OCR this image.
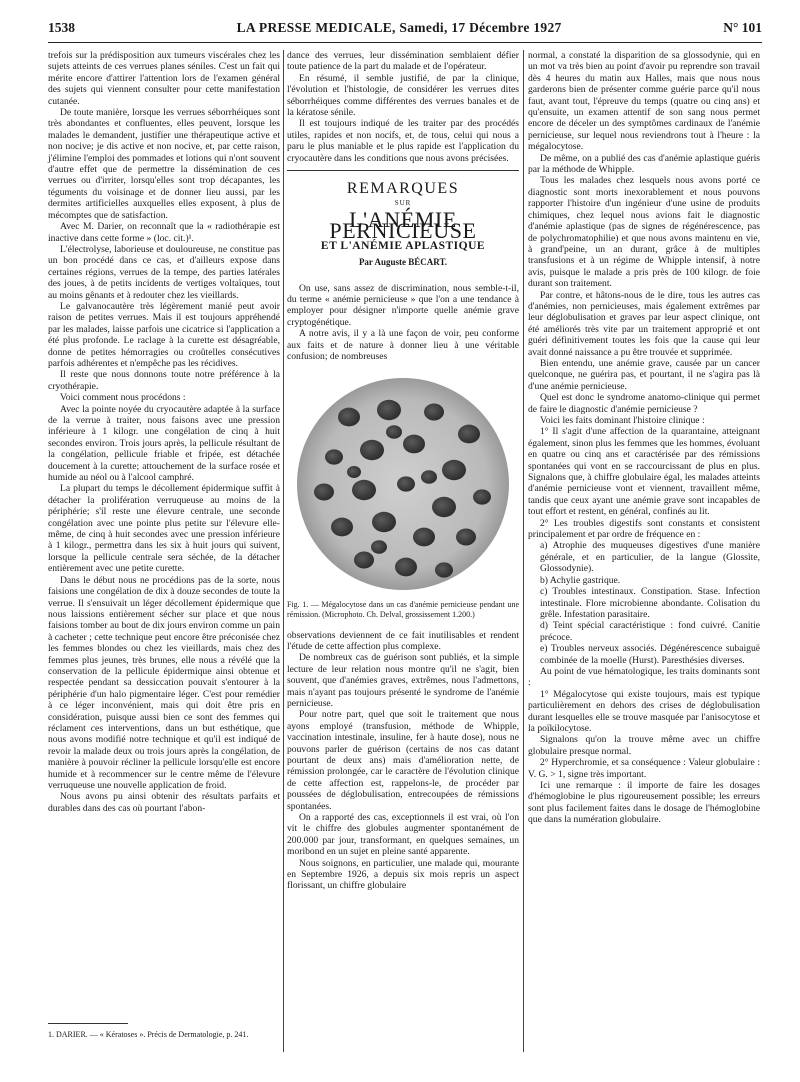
1538	LA PRESSE MEDICALE, Samedi, 17 Décembre 1927	N° 101

trefois sur la prédisposition aux tumeurs viscérales chez les sujets atteints de ces verrues planes séniles. C'est un fait qui mérite encore d'attirer l'attention lors de l'examen général des sujets qui viennent consulter pour cette manifestation cutanée.

De toute manière, lorsque les verrues séborrhéiques sont très abondantes et confluentes, elles peuvent, lorsque les malades le demandent, justifier une thérapeutique active et non nocive; je dis active et non nocive, et, par cette raison, j'élimine l'emploi des pommades et lotions qui n'ont souvent d'autre effet que de permettre la dissémination de ces verrues ou d'irriter, lorsqu'elles sont trop décapantes, les téguments du voisinage et de donner lieu aussi, par les dermites artificielles auxquelles elles exposent, à plus de mécomptes que de satisfaction.

Avec M. Darier, on reconnaît que la « radiothérapie est inactive dans cette forme » (loc. cit.)¹.

L'électrolyse, laborieuse et douloureuse, ne constitue pas un bon procédé dans ce cas, et d'ailleurs expose dans certaines régions, verrues de la tempe, des parties latérales des joues, à de petits incidents de vertiges voltaïques, tout au moins gênants et à redouter chez les vieillards.

Le galvanocautère très légèrement manié peut avoir raison de petites verrues. Mais il est toujours appréhendé par les malades, laisse parfois une cicatrice si l'application a été plus profonde. Le raclage à la curette est désagréable, donne de petites hémorragies ou croûtelles consécutives parfois adhérentes et n'empêche pas les récidives.

Il reste que nous donnons toute notre préférence à la cryothérapie.

Voici comment nous procédons :

Avec la pointe noyée du cryocautère adaptée à la surface de la verrue à traiter, nous faisons avec une pression inférieure à 1 kilogr. une congélation de cinq à huit secondes environ. Trois jours après, la pellicule résultant de la congélation, pellicule friable et fripée, est détachée doucement à la curette; attouchement de la surface rosée et humide au néol ou à l'alcool camphré.

La plupart du temps le décollement épidermique suffit à détacher la prolifération verruqueuse au moins de la périphérie; s'il reste une élevure centrale, une seconde congélation avec une pointe plus petite sur l'élevure elle-même, de cinq à huit secondes avec une pression inférieure à 1 kilogr., permettra dans les six à huit jours qui suivent, lorsque la pellicule centrale sera séchée, de la détacher entièrement avec une petite curette.

Dans le début nous ne procédions pas de la sorte, nous faisions une congélation de dix à douze secondes de toute la verrue. Il s'ensuivait un léger décollement épidermique que nous laissions entièrement sécher sur place et que nous faisions tomber au bout de dix jours environ comme un pain à cacheter ; cette technique peut encore être préconisée chez les femmes blondes ou chez les vieillards, mais chez des femmes plus jeunes, très brunes, elle nous a révélé que la conservation de la pellicule épidermique ainsi obtenue et respectée pendant sa dessiccation pouvait s'entourer à la périphérie d'un halo pigmentaire léger. C'est pour remédier à ce léger inconvénient, mais qui doit être pris en considération, puisque aussi bien ce sont des femmes qui réclament ces interventions, dans un but esthétique, que nous avons modifié notre technique et qu'il est indiqué de revoir la malade deux ou trois jours après la congélation, de manière à pouvoir récliner la pellicule lorsqu'elle est encore humide et à recommencer sur le centre même de l'élevure verruqueuse une nouvelle application de froid.

Nous avons pu ainsi obtenir des résultats parfaits et durables dans des cas où pourtant l'abon-

dance des verrues, leur dissémination semblaient défier toute patience de la part du malade et de l'opérateur.

En résumé, il semble justifié, de par la clinique, l'évolution et l'histologie, de considérer les verrues dites séborrhéiques comme différentes des verrues banales et de la kératose sénile.

Il est toujours indiqué de les traiter par des procédés utiles, rapides et non nocifs, et, de tous, celui qui nous a paru le plus maniable et le plus rapide est l'application du cryocautère dans les conditions que nous avons précisées.

REMARQUES
SUR
L'ANÉMIE PERNICIEUSE
ET L'ANÉMIE APLASTIQUE
Par Auguste BÉCART.

On use, sans assez de discrimination, nous semble-t-il, du terme « anémie pernicieuse » que l'on a une tendance à employer pour désigner n'importe quelle anémie grave cryptogénétique.

A notre avis, il y a là une façon de voir, peu conforme aux faits et de nature à donner lieu à une véritable confusion; de nombreuses

Fig. 1. — Mégalocytose dans un cas d'anémie pernicieuse pendant une rémission. (Microphoto. Ch. Delval, grossissement 1.200.)

observations deviennent de ce fait inutilisables et rendent l'étude de cette affection plus complexe.

De nombreux cas de guérison sont publiés, et la simple lecture de leur relation nous montre qu'il ne s'agit, bien souvent, que d'anémies graves, extrêmes, nous l'admettons, mais n'ayant pas toujours présenté le syndrome de l'anémie pernicieuse.

Pour notre part, quel que soit le traitement que nous ayons employé (transfusion, méthode de Whipple, vaccination intestinale, insuline, fer à haute dose), nous ne pouvons parler de guérison (certains de nos cas datant pourtant de deux ans) mais d'amélioration nette, de rémission prolongée, car le caractère de l'évolution clinique de cette affection est, rappelons-le, de procéder par poussées de déglobulisation, entrecoupées de rémissions spontanées.

On a rapporté des cas, exceptionnels il est vrai, où l'on vit le chiffre des globules augmenter spontanément de 200.000 par jour, transformant, en quelques semaines, un moribond en un sujet en pleine santé apparente.

Nous soignons, en particulier, une malade qui, mourante en Septembre 1926, a depuis six mois repris un aspect florissant, un chiffre globulaire

normal, a constaté la disparition de sa glossodynie, qui en un mot va très bien au point d'avoir pu reprendre son travail dès 4 heures du matin aux Halles, mais que nous nous garderons bien de présenter comme guérie parce qu'il nous faut, avant tout, l'épreuve du temps (quatre ou cinq ans) et qu'ensuite, un examen attentif de son sang nous permet encore de déceler un des symptômes cardinaux de l'anémie pernicieuse, sur lequel nous reviendrons tout à l'heure : la mégalocytose.

De même, on a publié des cas d'anémie aplastique guéris par la méthode de Whipple.

Tous les malades chez lesquels nous avons porté ce diagnostic sont morts inexorablement et nous pouvons rapporter l'histoire d'un ingénieur d'une usine de produits chimiques, chez lequel nous avions fait le diagnostic d'anémie aplastique (pas de signes de régénérescence, pas de polychromatophilie) et que nous avons maintenu en vie, à grand'peine, un an durant, grâce à de multiples transfusions et à un régime de Whipple intensif, à notre avis, puisque le malade a pris près de 100 kilogr. de foie durant son traitement.

Par contre, et hâtons-nous de le dire, tous les autres cas d'anémies, non pernicieuses, mais également extrêmes par leur déglobulisation et graves par leur aspect clinique, ont été améliorés très vite par un traitement approprié et ont guéri définitivement toutes les fois que la cause qui leur avait donné naissance a pu être trouvée et supprimée.

Bien entendu, une anémie grave, causée par un cancer quelconque, ne guérira pas, et pourtant, il ne s'agira pas là d'une anémie pernicieuse.

Quel est donc le syndrome anatomo-clinique qui permet de faire le diagnostic d'anémie pernicieuse ?

Voici les faits dominant l'histoire clinique :

1° Il s'agit d'une affection de la quarantaine, atteignant également, sinon plus les femmes que les hommes, évoluant en quatre ou cinq ans et caractérisée par des rémissions spontanées qui vont en se raccourcissant de plus en plus. Signalons que, à chiffre globulaire égal, les malades atteints d'anémie pernicieuse vont et viennent, travaillent même, tandis que ceux ayant une anémie grave sont incapables de tout effort et restent, en général, confinés au lit.

2° Les troubles digestifs sont constants et consistent principalement et par ordre de fréquence en :

a) Atrophie des muqueuses digestives d'une manière générale, et en particulier, de la langue (Glossite, Glossodynie).

b) Achylie gastrique.

c) Troubles intestinaux. Constipation. Stase. Infection intestinale. Flore microbienne abondante. Colisation du grêle. Infestation parasitaire.

d) Teint spécial caractéristique : fond cuivré. Canitie précoce.

e) Troubles nerveux associés. Dégénérescence subaiguë combinée de la moelle (Hurst). Paresthésies diverses.

Au point de vue hématologique, les traits dominants sont :

1° Mégalocytose qui existe toujours, mais est typique particulièrement en dehors des crises de déglobulisation durant lesquelles elle se trouve masquée par l'anisocytose et la poïkilocytose.

Signalons qu'on la trouve même avec un chiffre globulaire presque normal.

2° Hyperchromie, et sa conséquence : Valeur globulaire : V. G. > 1, signe très important.

Ici une remarque : il importe de faire les dosages d'hémoglobine le plus rigoureusement possible; les erreurs sont plus facilement faites dans le dosage de l'hémoglobine que dans la numération globulaire.

1. DARIER. — « Kératoses ». Précis de Dermatologie, p. 241.
